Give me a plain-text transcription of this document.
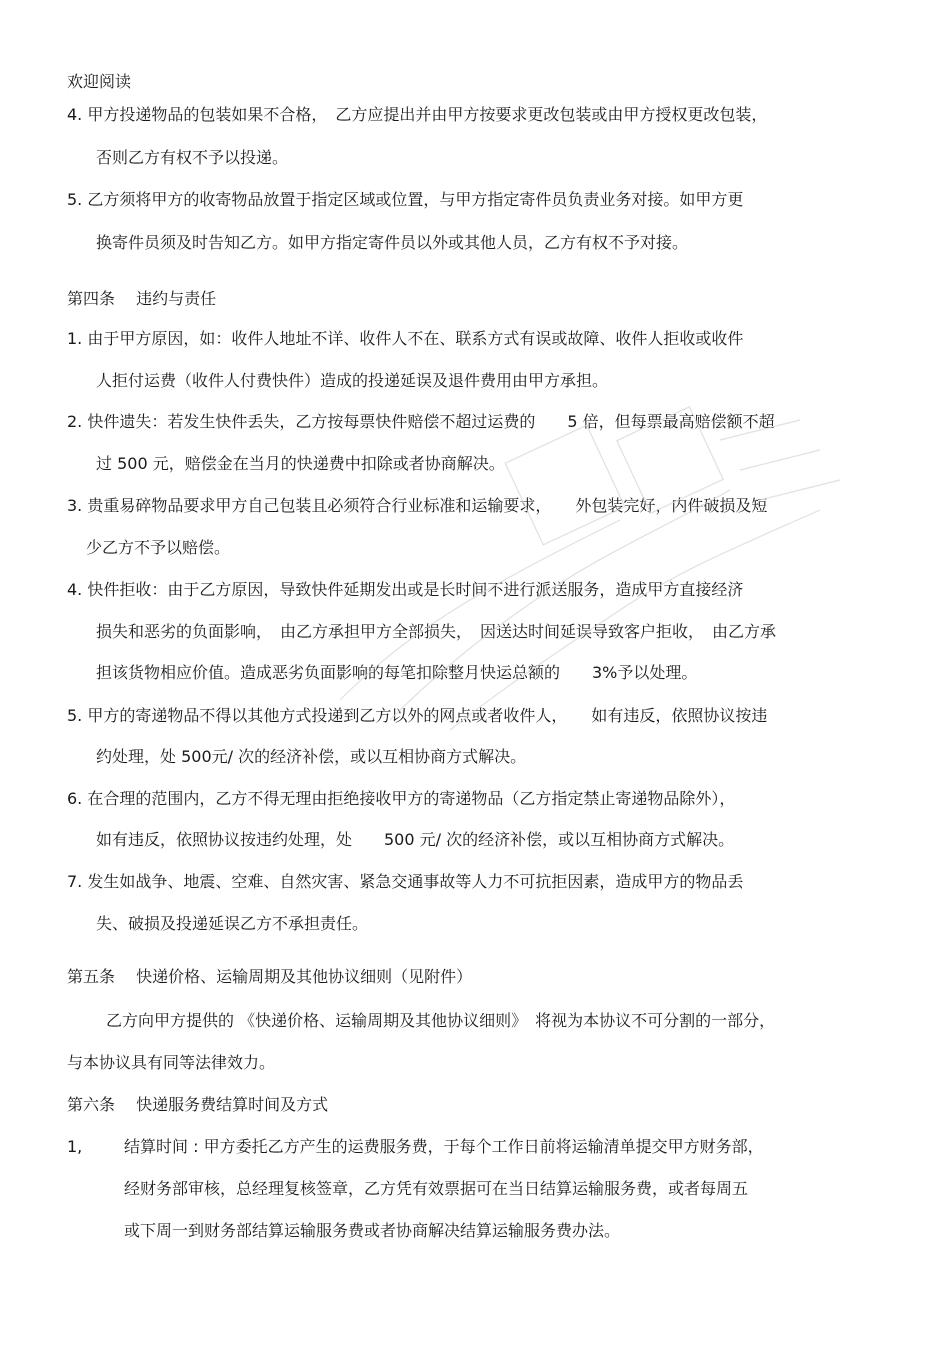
欢迎阅读
4. 甲方投递物品的包装如果不合格，　乙方应提出并由甲方按要求更改包装或由甲方授权更改包装，
否则乙方有权不予以投递。
5. 乙方须将甲方的收寄物品放置于指定区域或位置，与甲方指定寄件员负责业务对接。如甲方更
换寄件员须及时告知乙方。如甲方指定寄件员以外或其他人员，乙方有权不予对接。
第四条　 违约与责任
1. 由于甲方原因，如：收件人地址不详、收件人不在、联系方式有误或故障、收件人拒收或收件
人拒付运费（收件人付费快件）造成的投递延误及退件费用由甲方承担。
2. 快件遗失：若发生快件丢失，乙方按每票快件赔偿不超过运费的　　5 倍，但每票最高赔偿额不超
过 500 元，赔偿金在当月的快递费中扣除或者协商解决。
3. 贵重易碎物品要求甲方自己包装且必须符合行业标准和运输要求，　　外包装完好，内件破损及短
少乙方不予以赔偿。
4. 快件拒收：由于乙方原因，导致快件延期发出或是长时间不进行派送服务，造成甲方直接经济
损失和恶劣的负面影响，　由乙方承担甲方全部损失，　因送达时间延误导致客户拒收，　由乙方承
担该货物相应价值。造成恶劣负面影响的每笔扣除整月快运总额的　　3%予以处理。
5. 甲方的寄递物品不得以其他方式投递到乙方以外的网点或者收件人，　　如有违反，依照协议按违
约处理，处 500元/ 次的经济补偿，或以互相协商方式解决。
6. 在合理的范围内，乙方不得无理由拒绝接收甲方的寄递物品（乙方指定禁止寄递物品除外），
如有违反，依照协议按违约处理，处　　500 元/ 次的经济补偿，或以互相协商方式解决。
7. 发生如战争、地震、空难、自然灾害、紧急交通事故等人力不可抗拒因素，造成甲方的物品丢
失、破损及投递延误乙方不承担责任。
第五条　 快递价格、运输周期及其他协议细则（见附件）
乙方向甲方提供的 《快递价格、运输周期及其他协议细则》　将视为本协议不可分割的一部分，
与本协议具有同等法律效力。
第六条　 快递服务费结算时间及方式
1,	结算时间 : 甲方委托乙方产生的运费服务费，于每个工作日前将运输清单提交甲方财务部，
经财务部审核，总经理复核签章，乙方凭有效票据可在当日结算运输服务费，或者每周五
或下周一到财务部结算运输服务费或者协商解决结算运输服务费办法。
